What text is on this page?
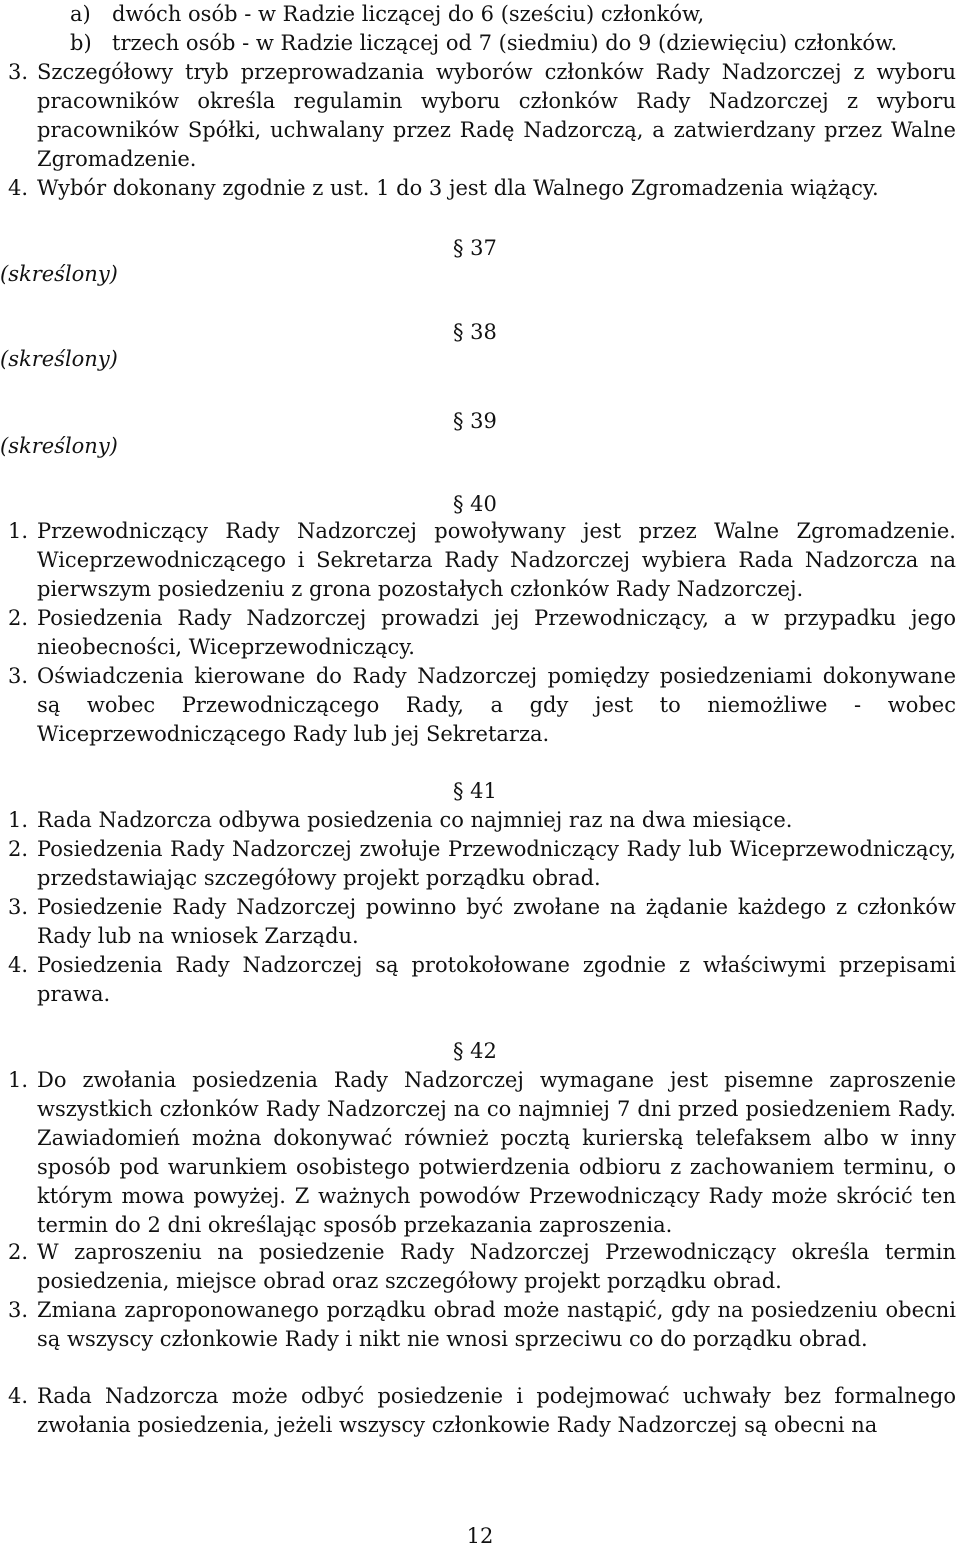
a) dwóch osób - w Radzie liczącej do 6 (sześciu) członków,
b) trzech osób - w Radzie liczącej od 7 (siedmiu) do 9 (dziewięciu) członków.
3. Szczegółowy tryb przeprowadzania wyborów członków Rady Nadzorczej z wyboru pracowników określa regulamin wyboru członków Rady Nadzorczej z wyboru pracowników Spółki, uchwalany przez Radę Nadzorczą, a zatwierdzany przez Walne Zgromadzenie.
4. Wybór dokonany zgodnie z ust. 1 do 3 jest dla Walnego Zgromadzenia wiążący.
§ 37
(skreślony)
§ 38
(skreślony)
§ 39
(skreślony)
§ 40
1. Przewodniczący Rady Nadzorczej powoływany jest przez Walne Zgromadzenie. Wiceprzewodniczącego i Sekretarza Rady Nadzorczej wybiera Rada Nadzorcza na pierwszym posiedzeniu z grona pozostałych członków Rady Nadzorczej.
2. Posiedzenia Rady Nadzorczej prowadzi jej Przewodniczący, a w przypadku jego nieobecności, Wiceprzewodniczący.
3. Oświadczenia kierowane do Rady Nadzorczej pomiędzy posiedzeniami dokonywane są wobec Przewodniczącego Rady, a gdy jest to niemożliwe - wobec Wiceprzewodniczącego Rady lub jej Sekretarza.
§ 41
1. Rada Nadzorcza odbywa posiedzenia co najmniej raz na dwa miesiące.
2. Posiedzenia Rady Nadzorczej zwołuje Przewodniczący Rady lub Wiceprzewodniczący, przedstawiając szczegółowy projekt porządku obrad.
3. Posiedzenie Rady Nadzorczej powinno być zwołane na żądanie każdego z członków Rady lub na wniosek Zarządu.
4. Posiedzenia Rady Nadzorczej są protokołowane zgodnie z właściwymi przepisami prawa.
§ 42
1. Do zwołania posiedzenia Rady Nadzorczej wymagane jest pisemne zaproszenie wszystkich członków Rady Nadzorczej na co najmniej 7 dni przed posiedzeniem Rady. Zawiadomień można dokonywać również pocztą kurierską telefaksem albo w inny sposób pod warunkiem osobistego potwierdzenia odbioru z zachowaniem terminu, o którym mowa powyżej. Z ważnych powodów Przewodniczący Rady może skrócić ten termin do 2 dni określając sposób przekazania zaproszenia.
2. W zaproszeniu na posiedzenie Rady Nadzorczej Przewodniczący określa termin posiedzenia, miejsce obrad oraz szczegółowy projekt porządku obrad.
3. Zmiana zaproponowanego porządku obrad może nastąpić, gdy na posiedzeniu obecni są wszyscy członkowie Rady i nikt nie wnosi sprzeciwu co do porządku obrad.
4. Rada Nadzorcza może odbyć posiedzenie i podejmować uchwały bez formalnego zwołania posiedzenia, jeżeli wszyscy członkowie Rady Nadzorczej są obecni na
12
